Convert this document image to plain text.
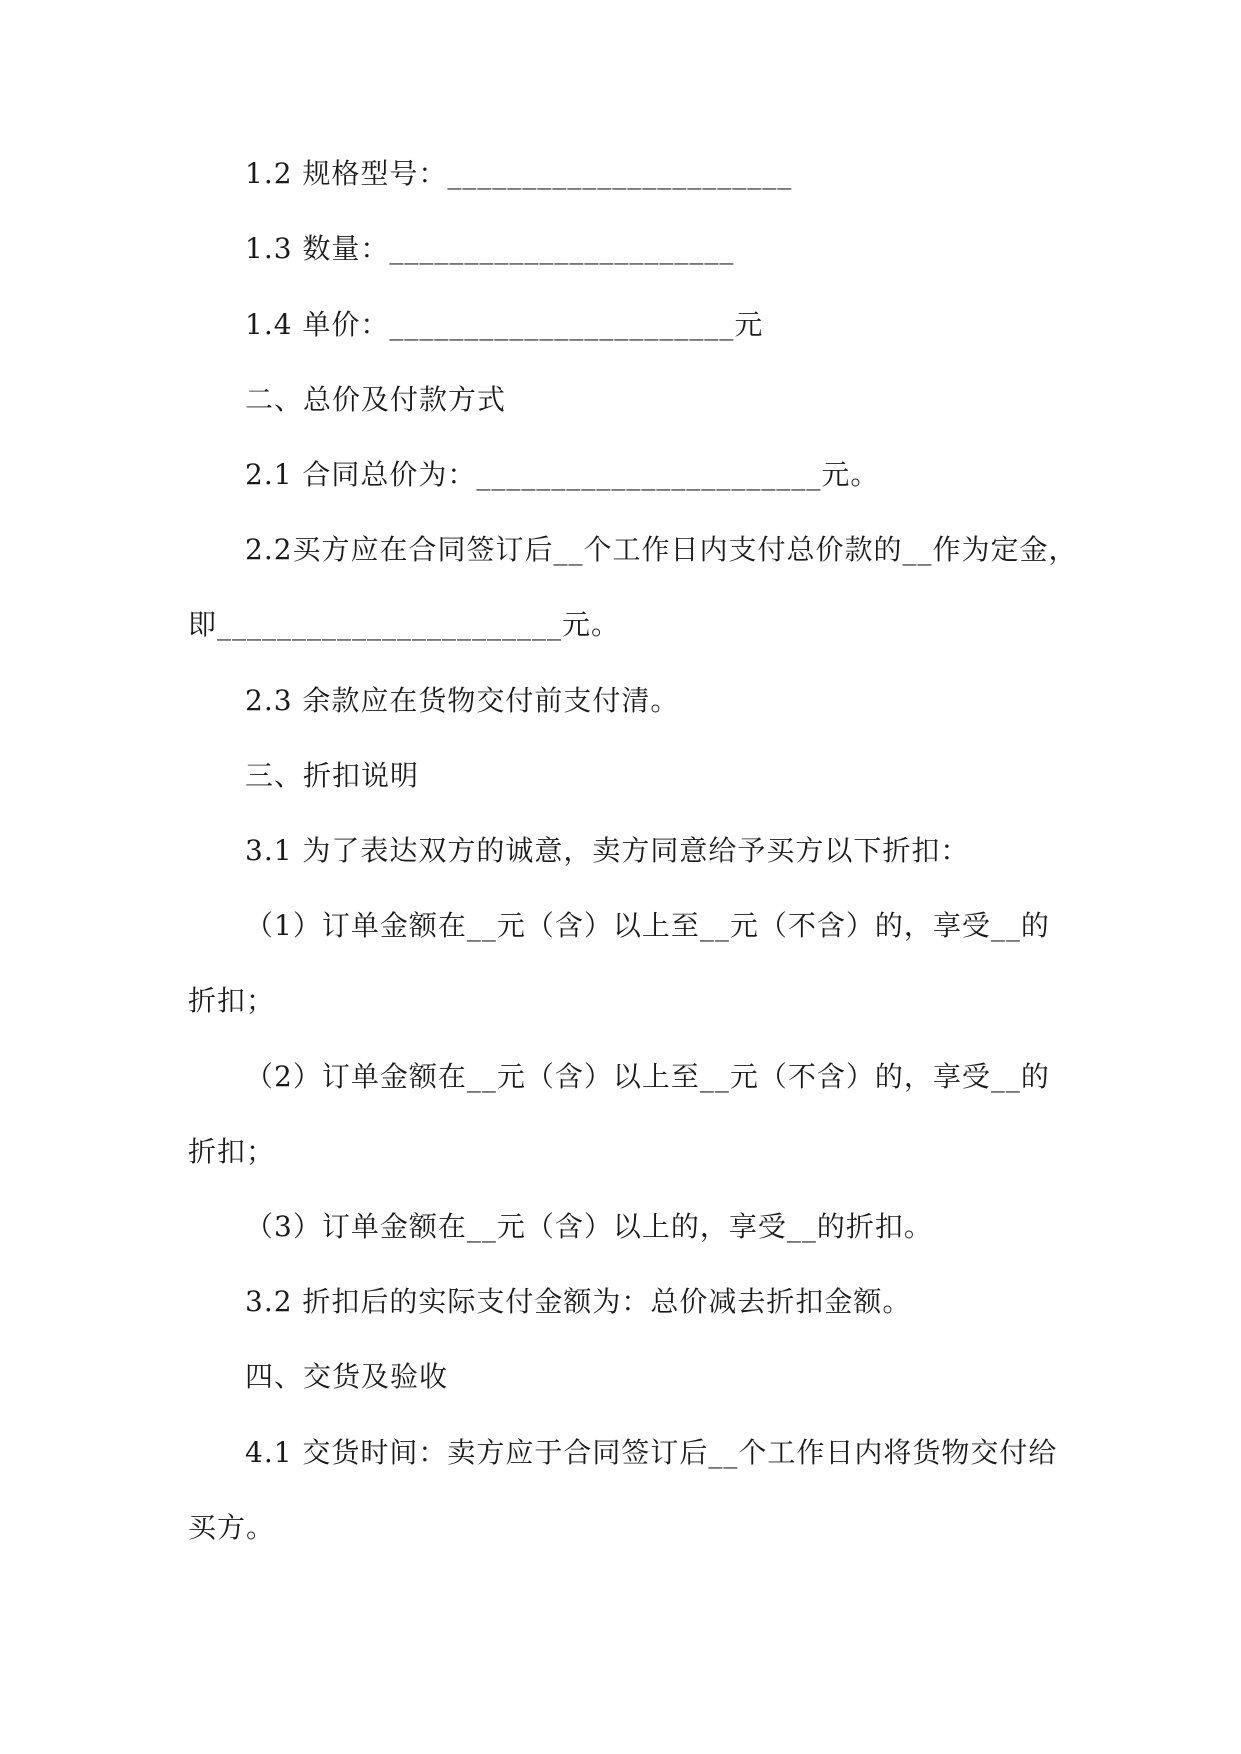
1.2 规格型号：_______________________
1.3 数量：_______________________
1.4 单价：_______________________元
二、总价及付款方式
2.1 合同总价为：_______________________元。
2.2买方应在合同签订后__个工作日内支付总价款的__作为定金，
即_______________________元。
2.3 余款应在货物交付前支付清。
三、折扣说明
3.1 为了表达双方的诚意，卖方同意给予买方以下折扣：
（1）订单金额在__元（含）以上至__元（不含）的，享受__的
折扣；
（2）订单金额在__元（含）以上至__元（不含）的，享受__的
折扣；
（3）订单金额在__元（含）以上的，享受__的折扣。
3.2 折扣后的实际支付金额为：总价减去折扣金额。
四、交货及验收
4.1 交货时间：卖方应于合同签订后__个工作日内将货物交付给
买方。
